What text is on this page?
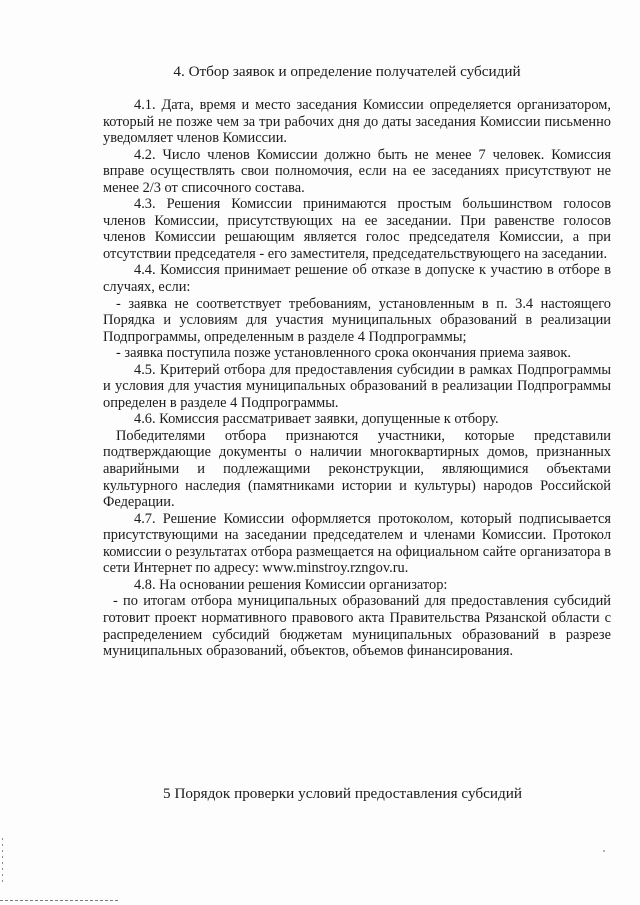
4. Отбор заявок и определение получателей субсидий

4.1. Дата, время и место заседания Комиссии определяется организатором, который не позже чем за три рабочих дня до даты заседания Комиссии письменно уведомляет членов Комиссии.

4.2. Число членов Комиссии должно быть не менее 7 человек. Комиссия вправе осуществлять свои полномочия, если на ее заседаниях присутствуют не менее 2/3 от списочного состава.

4.3. Решения Комиссии принимаются простым большинством голосов членов Комиссии, присутствующих на ее заседании. При равенстве голосов членов Комиссии решающим является голос председателя Комиссии, а при отсутствии председателя - его заместителя, председательствующего на заседании.

4.4. Комиссия принимает решение об отказе в допуске к участию в отборе в случаях, если:

- заявка не соответствует требованиям, установленным в п. 3.4 настоящего Порядка и условиям для участия муниципальных образований в реализации Подпрограммы, определенным в разделе 4 Подпрограммы;

- заявка поступила позже установленного срока окончания приема заявок.

4.5. Критерий отбора для предоставления субсидии в рамках Подпрограммы и условия для участия муниципальных образований в реализации Подпрограммы определен в разделе 4 Подпрограммы.

4.6. Комиссия рассматривает заявки, допущенные к отбору.

Победителями отбора признаются участники, которые представили подтверждающие документы о наличии многоквартирных домов, признанных аварийными и подлежащими реконструкции, являющимися объектами культурного наследия (памятниками истории и культуры) народов Российской Федерации.

4.7. Решение Комиссии оформляется протоколом, который подписывается присутствующими на заседании председателем и членами Комиссии. Протокол комиссии о результатах отбора размещается на официальном сайте организатора в сети Интернет по адресу: www.minstroy.rzngov.ru.

4.8. На основании решения Комиссии организатор:

- по итогам отбора муниципальных образований для предоставления субсидий готовит проект нормативного правового акта Правительства Рязанской области с распределением субсидий бюджетам муниципальных образований в разрезе муниципальных образований, объектов, объемов финансирования.

5 Порядок проверки условий предоставления субсидий
